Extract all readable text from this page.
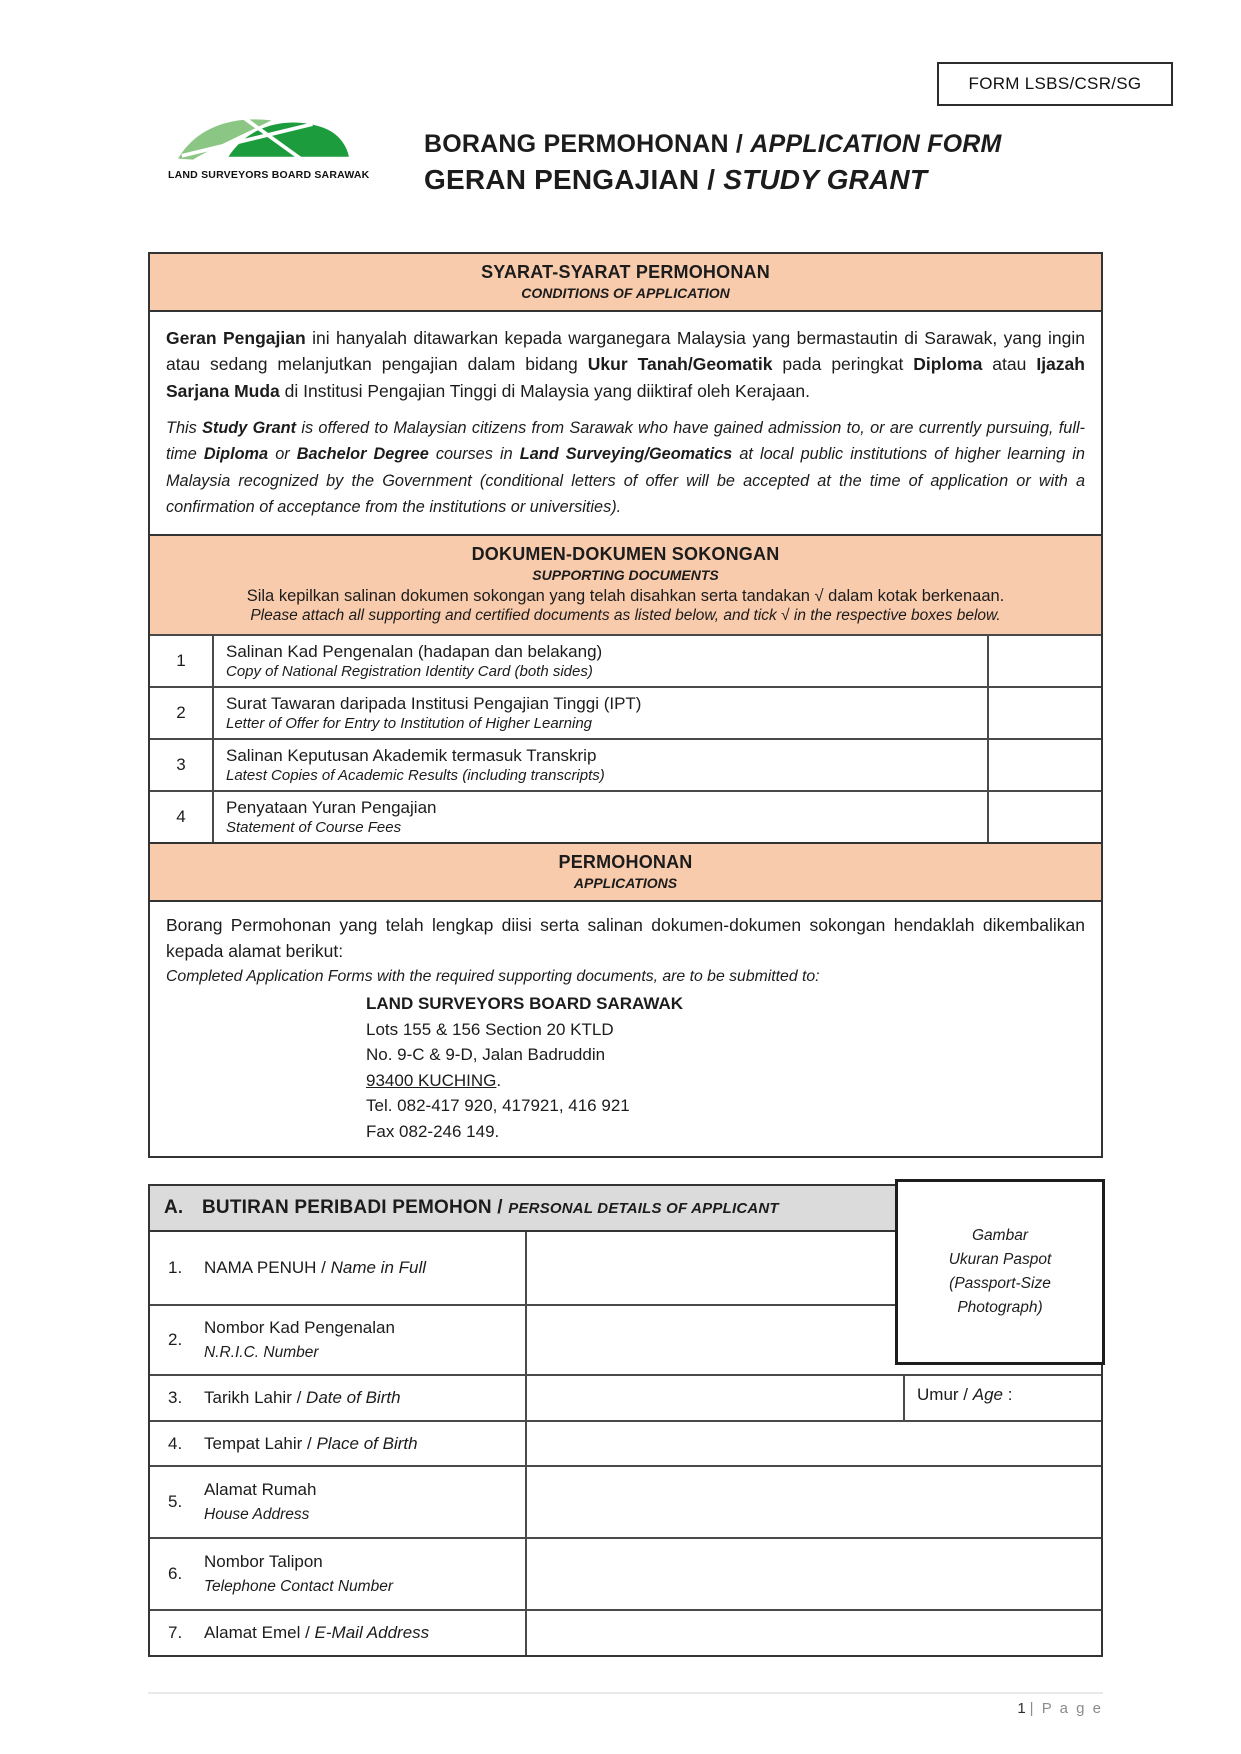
FORM LSBS/CSR/SG
LAND SURVEYORS BOARD SARAWAK
BORANG PERMOHONAN / APPLICATION FORM
GERAN PENGAJIAN / STUDY GRANT
SYARAT-SYARAT PERMOHONAN
CONDITIONS OF APPLICATION

Geran Pengajian ini hanyalah ditawarkan kepada warganegara Malaysia yang bermastautin di Sarawak, yang ingin atau sedang melanjutkan pengajian dalam bidang Ukur Tanah/Geomatik pada peringkat Diploma atau Ijazah Sarjana Muda di Institusi Pengajian Tinggi di Malaysia yang diiktiraf oleh Kerajaan.

This Study Grant is offered to Malaysian citizens from Sarawak who have gained admission to, or are currently pursuing, full-time Diploma or Bachelor Degree courses in Land Surveying/Geomatics at local public institutions of higher learning in Malaysia recognized by the Government (conditional letters of offer will be accepted at the time of application or with a confirmation of acceptance from the institutions or universities).

DOKUMEN-DOKUMEN SOKONGAN
SUPPORTING DOCUMENTS
Sila kepilkan salinan dokumen sokongan yang telah disahkan serta tandakan √ dalam kotak berkenaan.
Please attach all supporting and certified documents as listed below, and tick √ in the respective boxes below.
1	Salinan Kad Pengenalan (hadapan dan belakang)
Copy of National Registration Identity Card (both sides)
2	Surat Tawaran daripada Institusi Pengajian Tinggi (IPT)
Letter of Offer for Entry to Institution of Higher Learning
3	Salinan Keputusan Akademik termasuk Transkrip
Latest Copies of Academic Results (including transcripts)
4	Penyataan Yuran Pengajian
Statement of Course Fees
PERMOHONAN
APPLICATIONS

Borang Permohonan yang telah lengkap diisi serta salinan dokumen-dokumen sokongan hendaklah dikembalikan kepada alamat berikut:

Completed Application Forms with the required supporting documents, are to be submitted to:

LAND SURVEYORS BOARD SARAWAK
Lots 155 & 156 Section 20 KTLD
No. 9-C & 9-D, Jalan Badruddin
93400 KUCHING.
Tel. 082-417 920, 417921, 416 921
Fax 082-246 149.
Gambar
Ukuran Paspot
(Passport-Size
Photograph)
A. BUTIRAN PERIBADI PEMOHON / PERSONAL DETAILS OF APPLICANT
1.	NAMA PENUH / Name in Full
2.
Nombor Kad Pengenalan
N.R.I.C. Number
3.	Tarikh Lahir / Date of Birth	Umur / Age :
4.	Tempat Lahir / Place of Birth
5.
Alamat Rumah
House Address
6.
Nombor Talipon
Telephone Contact Number
7.	Alamat Emel / E-Mail Address
1 | P a g e
